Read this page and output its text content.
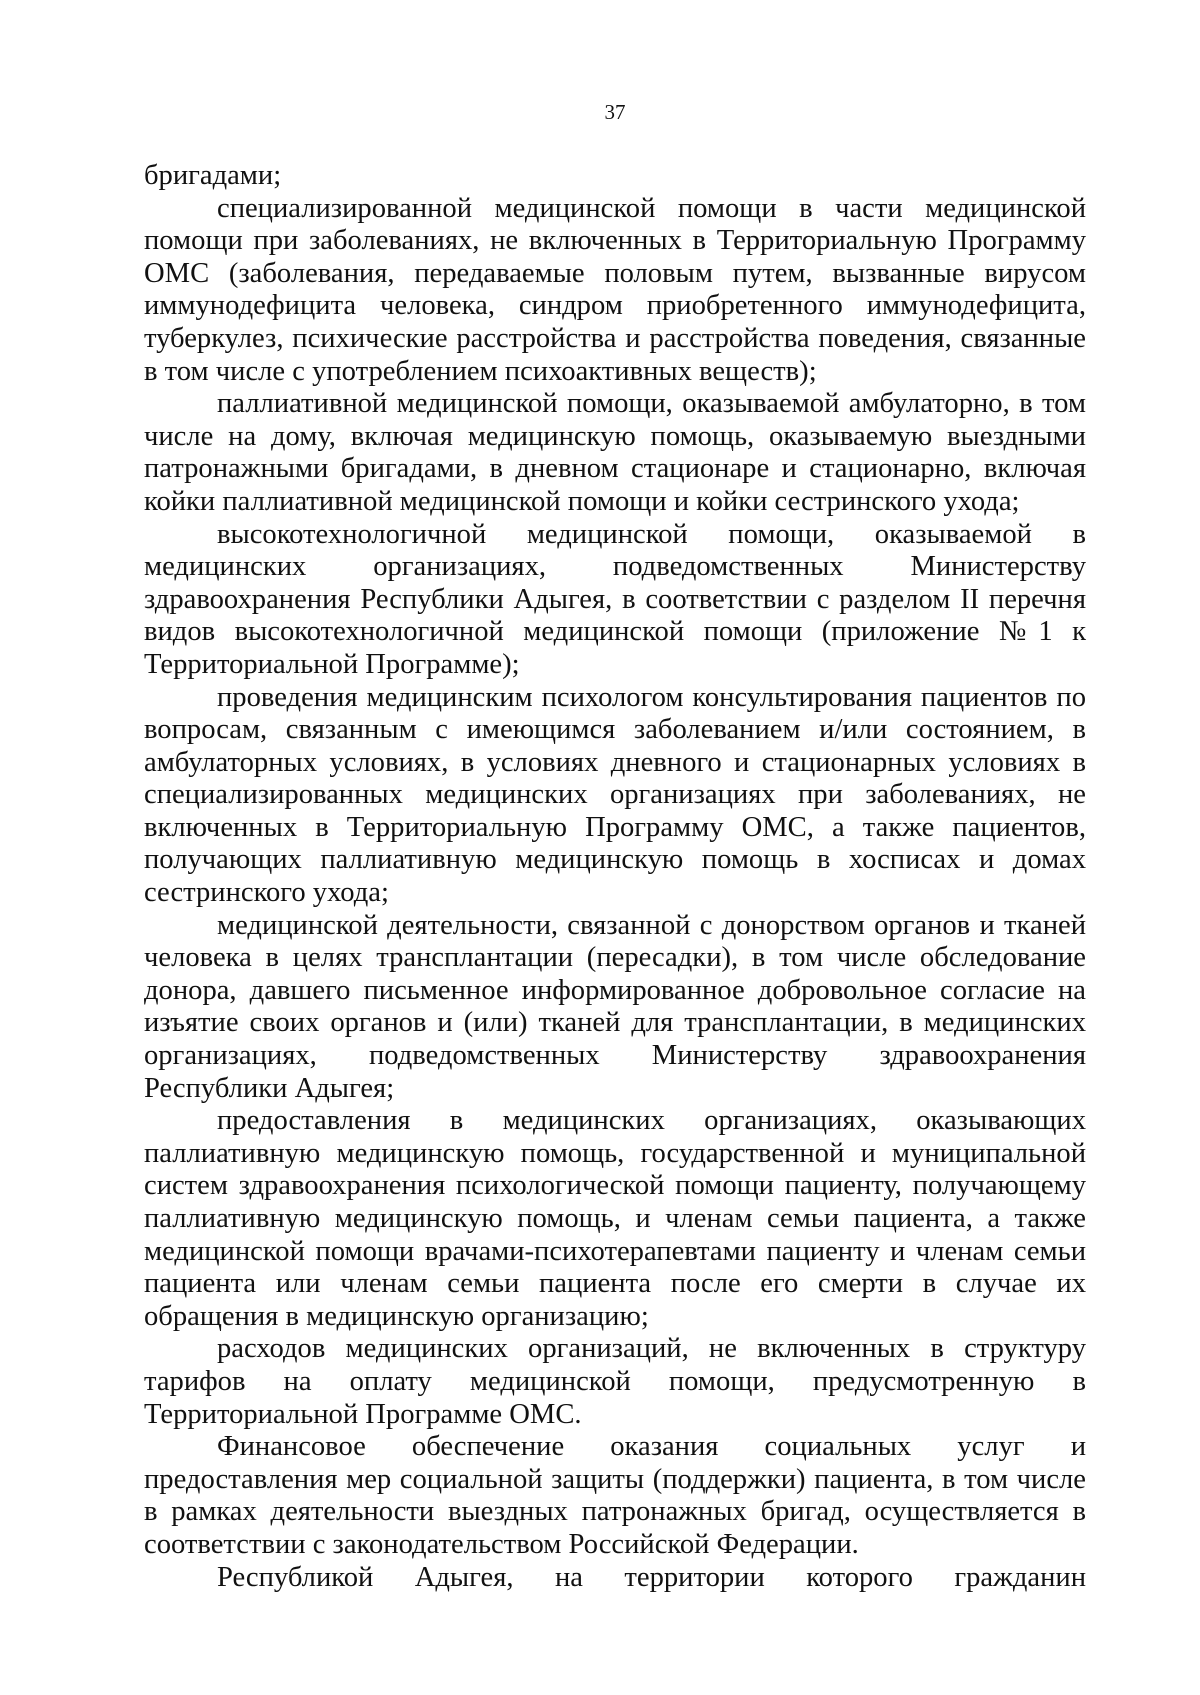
37

бригадами;

специализированной медицинской помощи в части медицинской помощи при заболеваниях, не включенных в Территориальную Программу ОМС (заболевания, передаваемые половым путем, вызванные вирусом иммунодефицита человека, синдром приобретенного иммунодефицита, туберкулез, психические расстройства и расстройства поведения, связанные в том числе с употреблением психоактивных веществ);

паллиативной медицинской помощи, оказываемой амбулаторно, в том числе на дому, включая медицинскую помощь, оказываемую выездными патронажными бригадами, в дневном стационаре и стационарно, включая койки паллиативной медицинской помощи и койки сестринского ухода;

высокотехнологичной медицинской помощи, оказываемой в медицинских организациях, подведомственных Министерству здравоохранения Республики Адыгея, в соответствии с разделом II перечня видов высокотехнологичной медицинской помощи (приложение №1 к Территориальной Программе);

проведения медицинским психологом консультирования пациентов по вопросам, связанным с имеющимся заболеванием и/или состоянием, в амбулаторных условиях, в условиях дневного и стационарных условиях в специализированных медицинских организациях при заболеваниях, не включенных в Территориальную Программу ОМС, а также пациентов, получающих паллиативную медицинскую помощь в хосписах и домах сестринского ухода;

медицинской деятельности, связанной с донорством органов и тканей человека в целях трансплантации (пересадки), в том числе обследование донора, давшего письменное информированное добровольное согласие на изъятие своих органов и (или) тканей для трансплантации, в медицинских организациях, подведомственных Министерству здравоохранения Республики Адыгея;

предоставления в медицинских организациях, оказывающих паллиативную медицинскую помощь, государственной и муниципальной систем здравоохранения психологической помощи пациенту, получающему паллиативную медицинскую помощь, и членам семьи пациента, а также медицинской помощи врачами-психотерапевтами пациенту и членам семьи пациента или членам семьи пациента после его смерти в случае их обращения в медицинскую организацию;

расходов медицинских организаций, не включенных в структуру тарифов на оплату медицинской помощи, предусмотренную в Территориальной Программе ОМС.

Финансовое обеспечение оказания социальных услуг и предоставления мер социальной защиты (поддержки) пациента, в том числе в рамках деятельности выездных патронажных бригад, осуществляется в соответствии с законодательством Российской Федерации.

Республикой Адыгея, на территории которого гражданин
